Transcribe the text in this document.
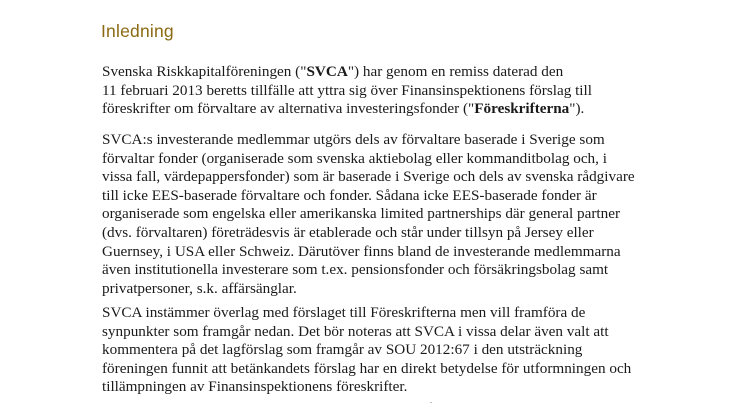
Inledning
Svenska Riskkapitalföreningen ("SVCA") har genom en remiss daterad den
11 februari 2013 beretts tillfälle att yttra sig över Finansinspektionens förslag till
föreskrifter om förvaltare av alternativa investeringsfonder ("Föreskrifterna").
SVCA:s investerande medlemmar utgörs dels av förvaltare baserade i Sverige som
förvaltar fonder (organiserade som svenska aktiebolag eller kommanditbolag och, i
vissa fall, värdepappersfonder) som är baserade i Sverige och dels av svenska rådgivare
till icke EES-baserade förvaltare och fonder. Sådana icke EES-baserade fonder är
organiserade som engelska eller amerikanska limited partnerships där general partner
(dvs. förvaltaren) företrädesvis är etablerade och står under tillsyn på Jersey eller
Guernsey, i USA eller Schweiz. Därutöver finns bland de investerande medlemmarna
även institutionella investerare som t.ex. pensionsfonder och försäkringsbolag samt
privatpersoner, s.k. affärsänglar.
SVCA instämmer överlag med förslaget till Föreskrifterna men vill framföra de
synpunkter som framgår nedan. Det bör noteras att SVCA i vissa delar även valt att
kommentera på det lagförslag som framgår av SOU 2012:67 i den utsträckning
föreningen funnit att betänkandets förslag har en direkt betydelse för utformningen och
tillämpningen av Finansinspektionens föreskrifter.
